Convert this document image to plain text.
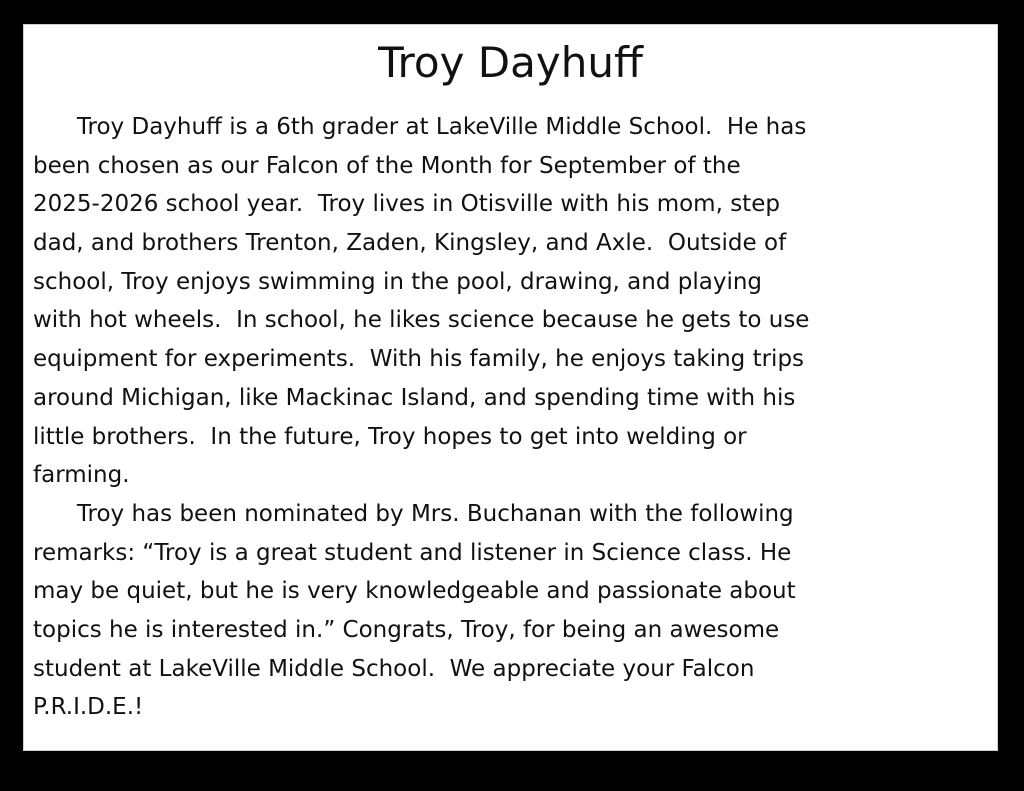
Troy Dayhuff
Troy Dayhuff is a 6th grader at LakeVille Middle School.  He has
been chosen as our Falcon of the Month for September of the
2025-2026 school year.  Troy lives in Otisville with his mom, step
dad, and brothers Trenton, Zaden, Kingsley, and Axle.  Outside of
school, Troy enjoys swimming in the pool, drawing, and playing
with hot wheels.  In school, he likes science because he gets to use
equipment for experiments.  With his family, he enjoys taking trips
around Michigan, like Mackinac Island, and spending time with his
little brothers.  In the future, Troy hopes to get into welding or
farming.
Troy has been nominated by Mrs. Buchanan with the following
remarks: “Troy is a great student and listener in Science class. He
may be quiet, but he is very knowledgeable and passionate about
topics he is interested in.” Congrats, Troy, for being an awesome
student at LakeVille Middle School.  We appreciate your Falcon
P.R.I.D.E.!
